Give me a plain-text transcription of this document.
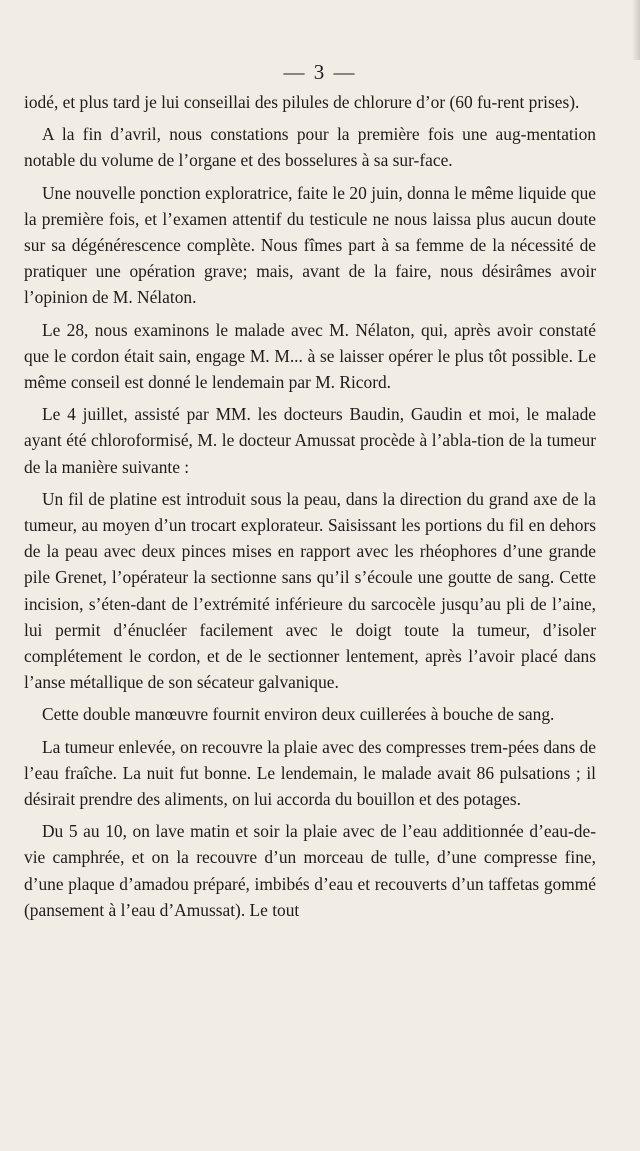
— 3 —

iodé, et plus tard je lui conseillai des pilules de chlorure d’or (60 fu-rent prises).

A la fin d’avril, nous constations pour la première fois une aug-mentation notable du volume de l’organe et des bosselures à sa sur-face.

Une nouvelle ponction exploratrice, faite le 20 juin, donna le même liquide que la première fois, et l’examen attentif du testicule ne nous laissa plus aucun doute sur sa dégénérescence complète. Nous fîmes part à sa femme de la nécessité de pratiquer une opération grave; mais, avant de la faire, nous désirâmes avoir l’opinion de M. Nélaton.

Le 28, nous examinons le malade avec M. Nélaton, qui, après avoir constaté que le cordon était sain, engage M. M... à se laisser opérer le plus tôt possible. Le même conseil est donné le lendemain par M. Ricord.

Le 4 juillet, assisté par MM. les docteurs Baudin, Gaudin et moi, le malade ayant été chloroformisé, M. le docteur Amussat procède à l’abla-tion de la tumeur de la manière suivante :

Un fil de platine est introduit sous la peau, dans la direction du grand axe de la tumeur, au moyen d’un trocart explorateur. Saisissant les portions du fil en dehors de la peau avec deux pinces mises en rapport avec les rhéophores d’une grande pile Grenet, l’opérateur la sectionne sans qu’il s’écoule une goutte de sang. Cette incision, s’éten-dant de l’extrémité inférieure du sarcocèle jusqu’au pli de l’aine, lui permit d’énucléer facilement avec le doigt toute la tumeur, d’isoler complétement le cordon, et de le sectionner lentement, après l’avoir placé dans l’anse métallique de son sécateur galvanique.

Cette double manœuvre fournit environ deux cuillerées à bouche de sang.

La tumeur enlevée, on recouvre la plaie avec des compresses trem-pées dans de l’eau fraîche. La nuit fut bonne. Le lendemain, le malade avait 86 pulsations ; il désirait prendre des aliments, on lui accorda du bouillon et des potages.

Du 5 au 10, on lave matin et soir la plaie avec de l’eau additionnée d’eau-de-vie camphrée, et on la recouvre d’un morceau de tulle, d’une compresse fine, d’une plaque d’amadou préparé, imbibés d’eau et recouverts d’un taffetas gommé (pansement à l’eau d’Amussat). Le tout
